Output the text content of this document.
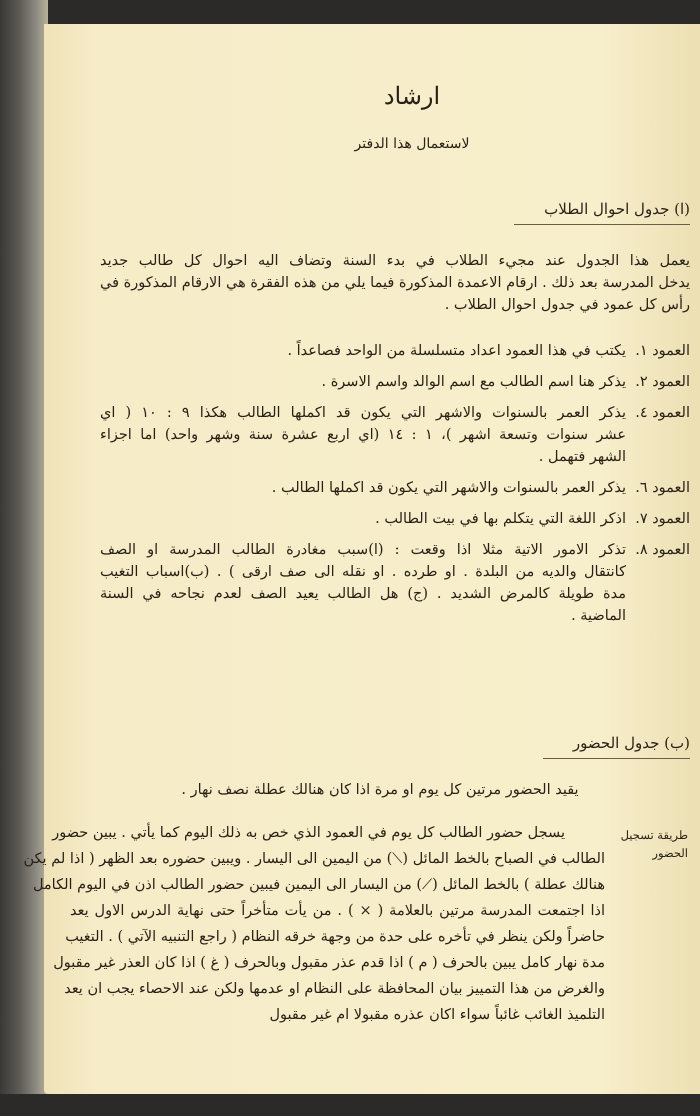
ارشاد
لاستعمال هذا الدفتر
(ا) جدول احوال الطلاب
يعمل هذا الجدول عند مجيء الطلاب في بدء السنة وتضاف اليه احوال كل طالب جديد
يدخل المدرسة بعد ذلك . ارقام الاعمدة المذكورة فيما يلي من هذه الفقرة هي الارقام المذكورة في
رأس كل عمود في جدول احوال الطلاب .
العمود ١.
يكتب في هذا العمود اعداد متسلسلة من الواحد فصاعداً .
العمود ٢.
يذكر هنا اسم الطالب مع اسم الوالد واسم الاسرة .
العمود ٤.
يذكر العمر بالسنوات والاشهر التي يكون قد اكملها الطالب هكذا ٩ : ١٠ ( اي
عشر سنوات وتسعة اشهر )، ١ : ١٤ (اي اربع عشرة سنة وشهر واحد) اما اجزاء
الشهر فتهمل .
العمود ٦.
يذكر العمر بالسنوات والاشهر التي يكون قد اكملها الطالب .
العمود ٧.
اذكر اللغة التي يتكلم بها في بيت الطالب .
العمود ٨.
تذكر الامور الاتية مثلا اذا وقعت : (ا)سبب مغادرة الطالب المدرسة او الصف
كانتقال والديه من البلدة . او طرده . او نقله الى صف ارقى ) . (ب)اسباب التغيب
مدة طويلة كالمرض الشديد . (ج) هل الطالب يعيد الصف لعدم نجاحه في السنة
الماضية .
(ب) جدول الحضور
يقيد الحضور مرتين كل يوم او مرة اذا كان هنالك عطلة نصف نهار .
طريقة تسجيل الحضور
يسجل حضور الطالب كل يوم في العمود الذي خص به ذلك اليوم كما يأتي . يبين حضور
الطالب في الصباح بالخط المائل (⟋) من اليمين الى اليسار . ويبين حضوره بعد الظهر ( اذا لم يكن
هنالك عطلة ) بالخط المائل (⟍) من اليسار الى اليمين فيبين حضور الطالب اذن في اليوم الكامل
اذا اجتمعت المدرسة مرتين بالعلامة ( × ) . من يأت متأخراً حتى نهاية الدرس الاول يعد
حاضراً ولكن ينظر في تأخره على حدة من وجهة خرقه النظام ( راجع التنبيه الآتي ) . التغيب
مدة نهار كامل يبين بالحرف ( م ) اذا قدم عذر مقبول وبالحرف ( غ ) اذا كان العذر غير مقبول
والغرض من هذا التمييز بيان المحافظة على النظام او عدمها ولكن عند الاحصاء يجب ان يعد
التلميذ الغائب غائباً سواء اكان عذره مقبولا ام غير مقبول
